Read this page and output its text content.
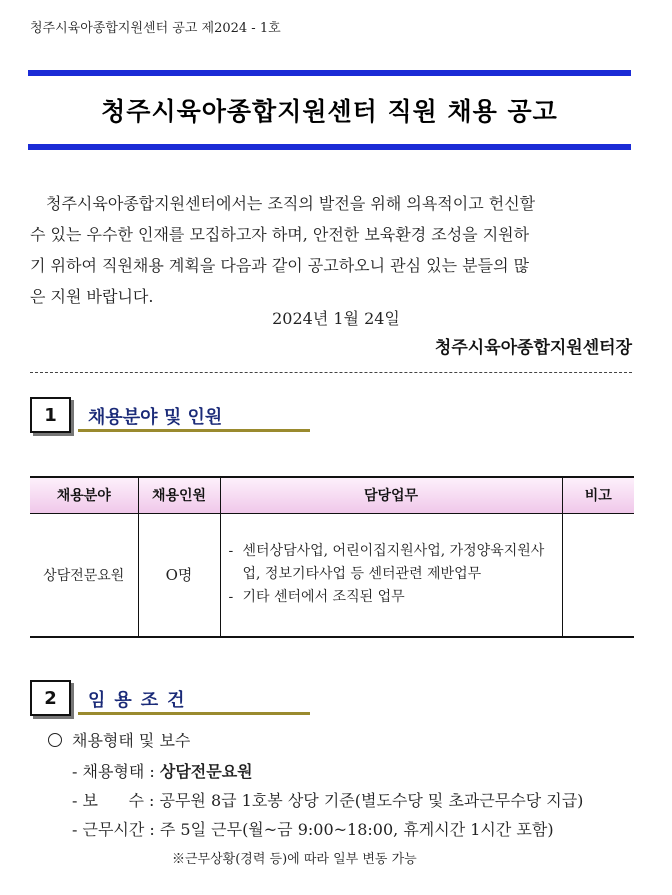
청주시육아종합지원센터 공고 제2024 - 1호
청주시육아종합지원센터 직원 채용 공고
청주시육아종합지원센터에서는 조직의 발전을 위해 의욕적이고 헌신할
수 있는 우수한 인재를 모집하고자 하며, 안전한 보육환경 조성을 지원하
기 위하여 직원채용 계획을 다음과 같이 공고하오니 관심 있는 분들의 많
은 지원 바랍니다.
2024년 1월 24일
청주시육아종합지원센터장
1	채용분야 및 인원
채용분야	채용인원	담당업무	비고
상담전문요원	O명	- 센터상담사업, 어린이집지원사업, 가정양육지원사업, 정보기타사업 등 센터관련 제반업무
- 기타 센터에서 조직된 업무	

2	임용조건
채용형태 및 보수
- 채용형태 : 상담전문요원
- 보      수 : 공무원 8급 1호봉 상당 기준(별도수당 및 초과근무수당 지급)
- 근무시간 : 주 5일 근무(월~금 9:00~18:00, 휴게시간 1시간 포함)
※근무상황(경력 등)에 따라 일부 변동 가능
